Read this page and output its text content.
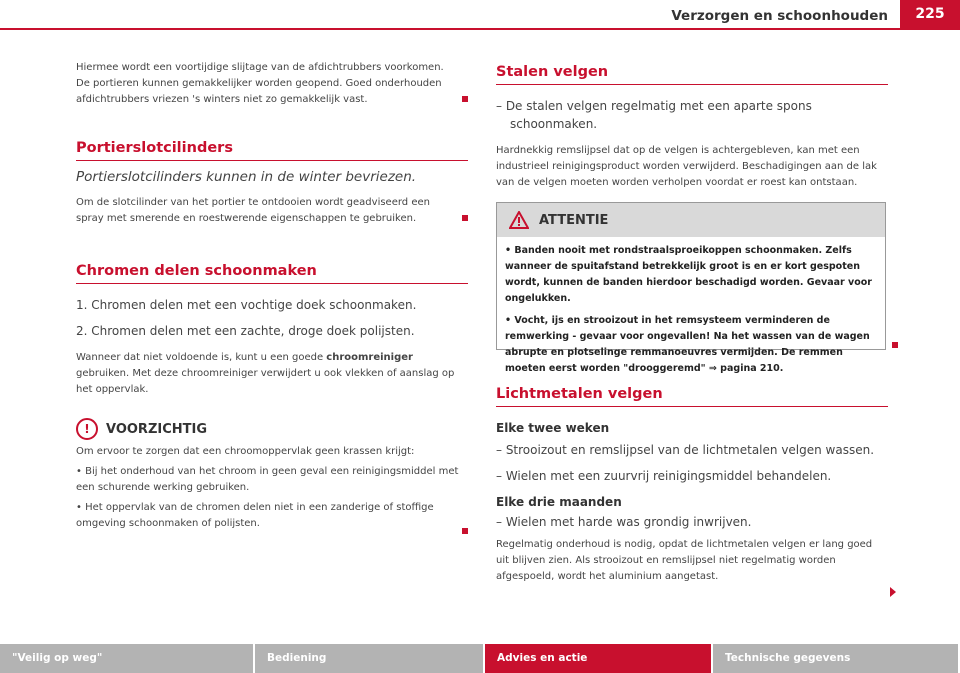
Verzorgen en schoonhouden	225

Hiermee wordt een voortijdige slijtage van de afdichtrubbers voorkomen. De portieren kunnen gemakkelijker worden geopend. Goed onderhouden afdichtrubbers vriezen 's winters niet zo gemakkelijk vast.

Portierslotcilinders
Portierslotcilinders kunnen in de winter bevriezen.

Om de slotcilinder van het portier te ontdooien wordt geadviseerd een spray met smerende en roestwerende eigenschappen te gebruiken.

Chromen delen schoonmaken
1. Chromen delen met een vochtige doek schoonmaken.
2. Chromen delen met een zachte, droge doek polijsten.

Wanneer dat niet voldoende is, kunt u een goede chroomreiniger gebruiken. Met deze chroomreiniger verwijdert u ook vlekken of aanslag op het oppervlak.

!	VOORZICHTIG

Om ervoor te zorgen dat een chroomoppervlak geen krassen krijgt:

• Bij het onderhoud van het chroom in geen geval een reinigingsmiddel met een schurende werking gebruiken.

• Het oppervlak van de chromen delen niet in een zanderige of stoffige omgeving schoonmaken of polijsten.

Stalen velgen
– De stalen velgen regelmatig met een aparte spons schoonmaken.

Hardnekkig remslijpsel dat op de velgen is achtergebleven, kan met een industrieel reinigingsproduct worden verwijderd. Beschadigingen aan de lak van de velgen moeten worden verholpen voordat er roest kan ontstaan.

ATTENTIE

• Banden nooit met rondstraalsproeikoppen schoonmaken. Zelfs wanneer de spuitafstand betrekkelijk groot is en er kort gespoten wordt, kunnen de banden hierdoor beschadigd worden. Gevaar voor ongelukken.

• Vocht, ijs en strooizout in het remsysteem verminderen de remwerking - gevaar voor ongevallen! Na het wassen van de wagen abrupte en plotselinge remmanoeuvres vermijden. De remmen moeten eerst worden "drooggeremd" ⇒ pagina 210.

Lichtmetalen velgen
Elke twee weken
– Strooizout en remslijpsel van de lichtmetalen velgen wassen.
– Wielen met een zuurvrij reinigingsmiddel behandelen.
Elke drie maanden
– Wielen met harde was grondig inwrijven.

Regelmatig onderhoud is nodig, opdat de lichtmetalen velgen er lang goed uit blijven zien. Als strooizout en remslijpsel niet regelmatig worden afgespoeld, wordt het aluminium aangetast.

"Veilig op weg"	Bediening	Advies en actie	Technische gegevens
